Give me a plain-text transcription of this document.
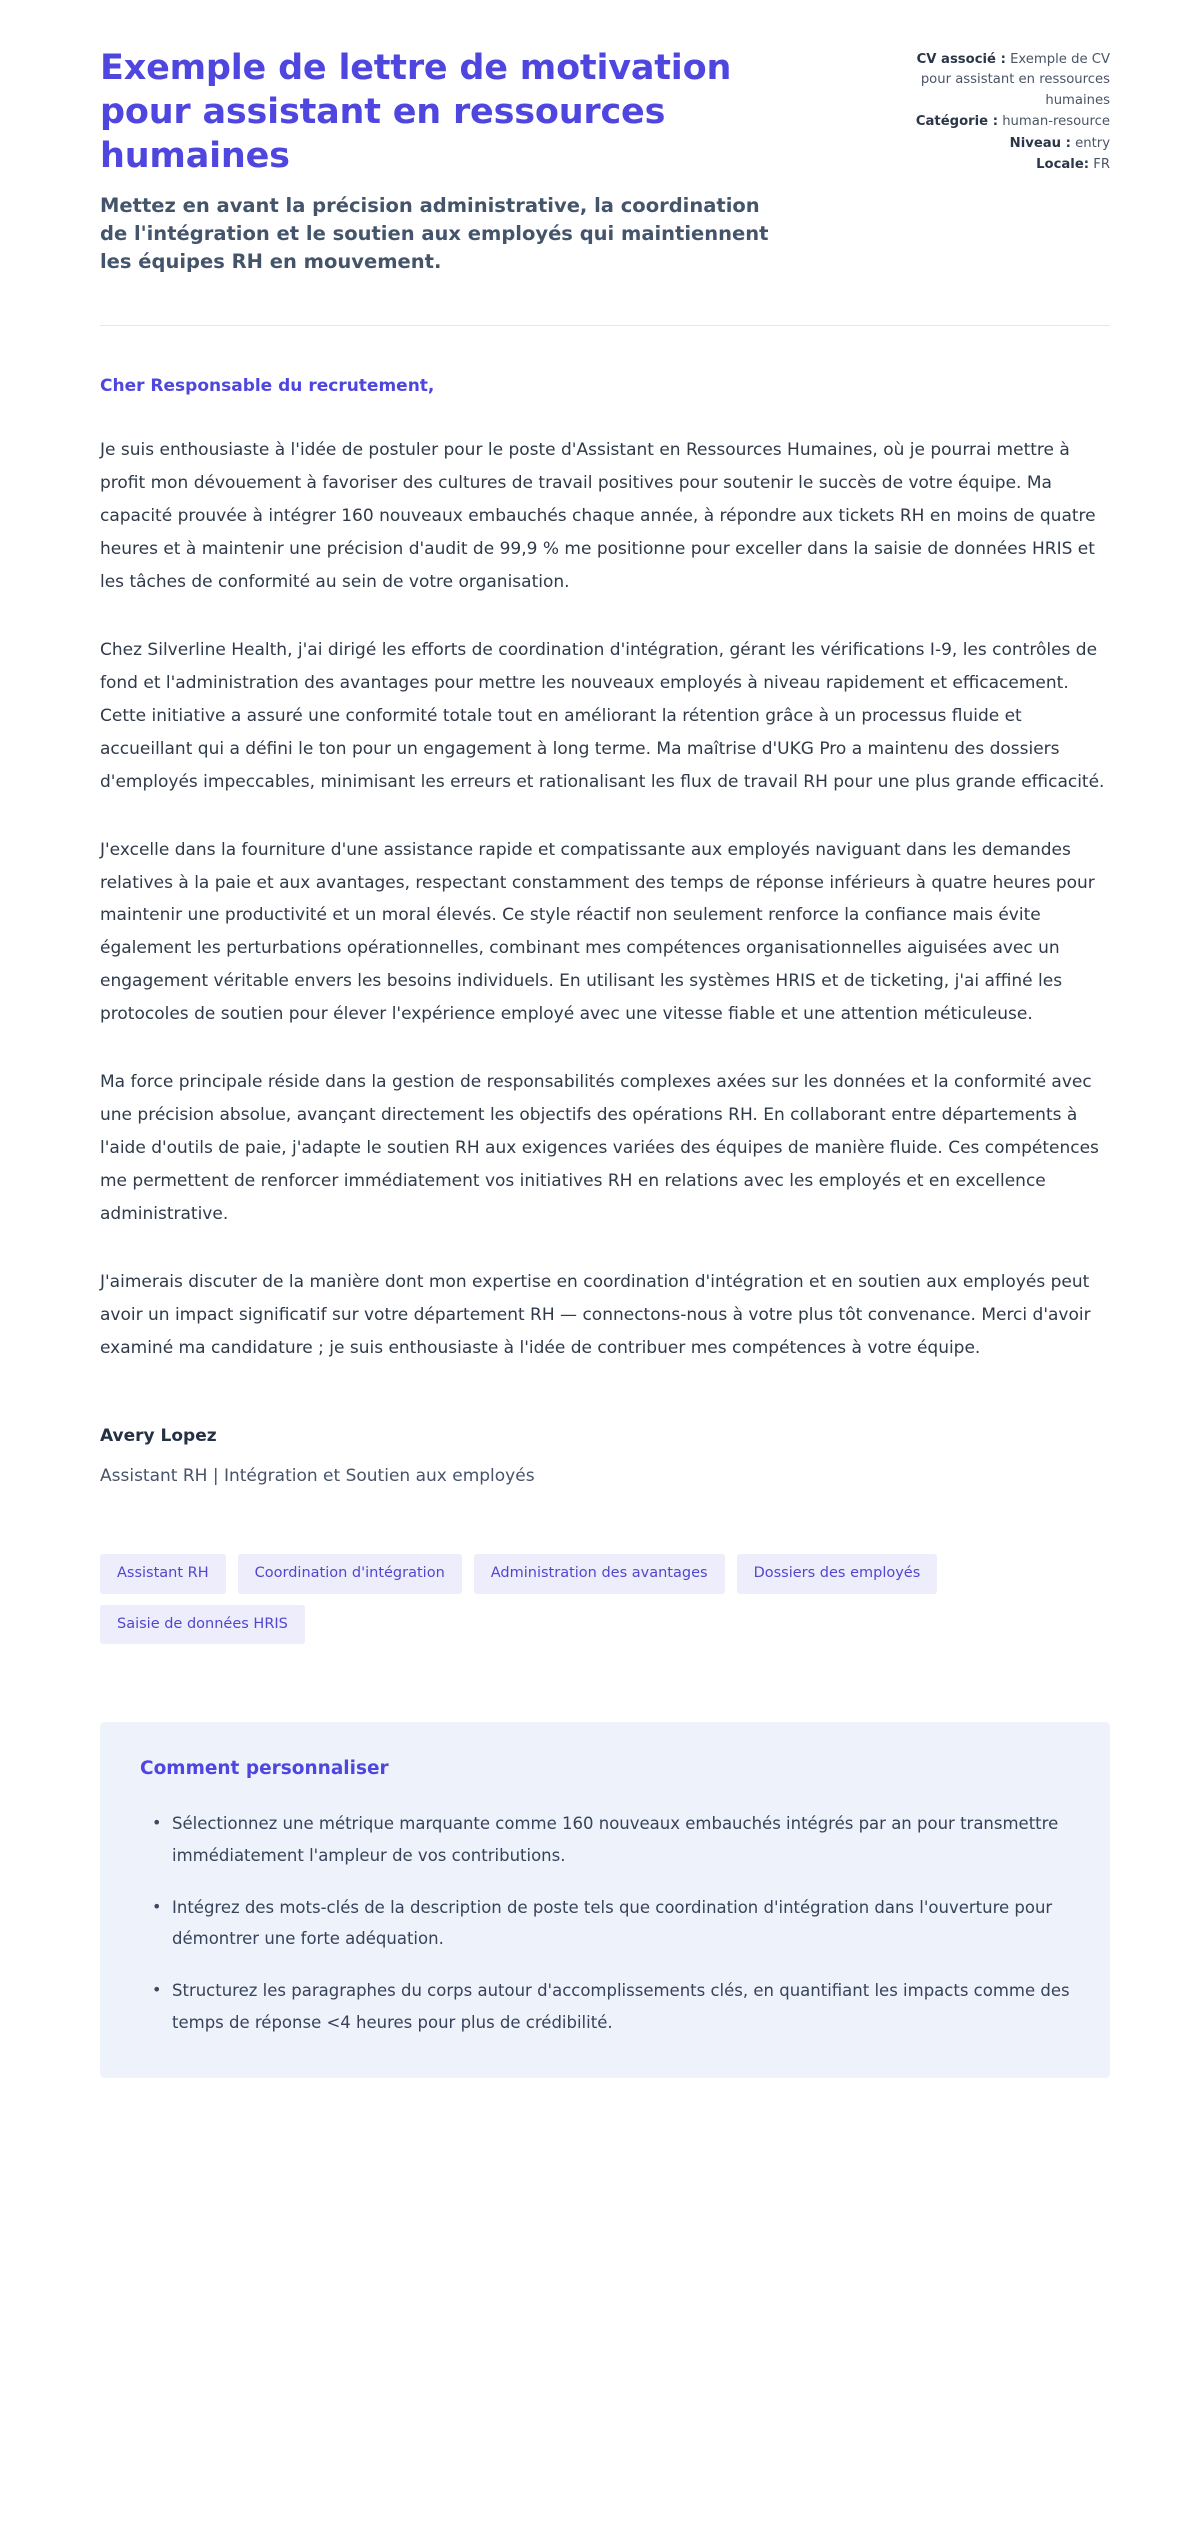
Exemple de lettre de motivation pour assistant en ressources humaines

Mettez en avant la précision administrative, la coordination de l'intégration et le soutien aux employés qui maintiennent les équipes RH en mouvement.

CV associé : Exemple de CV pour assistant en ressources humaines
Catégorie : human-resource
Niveau : entry
Locale: FR

Cher Responsable du recrutement,

Je suis enthousiaste à l'idée de postuler pour le poste d'Assistant en Ressources Humaines, où je pourrai mettre à profit mon dévouement à favoriser des cultures de travail positives pour soutenir le succès de votre équipe. Ma capacité prouvée à intégrer 160 nouveaux embauchés chaque année, à répondre aux tickets RH en moins de quatre heures et à maintenir une précision d'audit de 99,9 % me positionne pour exceller dans la saisie de données HRIS et les tâches de conformité au sein de votre organisation.

Chez Silverline Health, j'ai dirigé les efforts de coordination d'intégration, gérant les vérifications I-9, les contrôles de fond et l'administration des avantages pour mettre les nouveaux employés à niveau rapidement et efficacement. Cette initiative a assuré une conformité totale tout en améliorant la rétention grâce à un processus fluide et accueillant qui a défini le ton pour un engagement à long terme. Ma maîtrise d'UKG Pro a maintenu des dossiers d'employés impeccables, minimisant les erreurs et rationalisant les flux de travail RH pour une plus grande efficacité.

J'excelle dans la fourniture d'une assistance rapide et compatissante aux employés naviguant dans les demandes relatives à la paie et aux avantages, respectant constamment des temps de réponse inférieurs à quatre heures pour maintenir une productivité et un moral élevés. Ce style réactif non seulement renforce la confiance mais évite également les perturbations opérationnelles, combinant mes compétences organisationnelles aiguisées avec un engagement véritable envers les besoins individuels. En utilisant les systèmes HRIS et de ticketing, j'ai affiné les protocoles de soutien pour élever l'expérience employé avec une vitesse fiable et une attention méticuleuse.

Ma force principale réside dans la gestion de responsabilités complexes axées sur les données et la conformité avec une précision absolue, avançant directement les objectifs des opérations RH. En collaborant entre départements à l'aide d'outils de paie, j'adapte le soutien RH aux exigences variées des équipes de manière fluide. Ces compétences me permettent de renforcer immédiatement vos initiatives RH en relations avec les employés et en excellence administrative.

J'aimerais discuter de la manière dont mon expertise en coordination d'intégration et en soutien aux employés peut avoir un impact significatif sur votre département RH — connectons-nous à votre plus tôt convenance. Merci d'avoir examiné ma candidature ; je suis enthousiaste à l'idée de contribuer mes compétences à votre équipe.

Avery Lopez

Assistant RH | Intégration et Soutien aux employés

Assistant RH	Coordination d'intégration	Administration des avantages	Dossiers des employés
Saisie de données HRIS
Comment personnaliser
• Sélectionnez une métrique marquante comme 160 nouveaux embauchés intégrés par an pour transmettre immédiatement l'ampleur de vos contributions.
• Intégrez des mots-clés de la description de poste tels que coordination d'intégration dans l'ouverture pour démontrer une forte adéquation.
• Structurez les paragraphes du corps autour d'accomplissements clés, en quantifiant les impacts comme des temps de réponse <4 heures pour plus de crédibilité.
